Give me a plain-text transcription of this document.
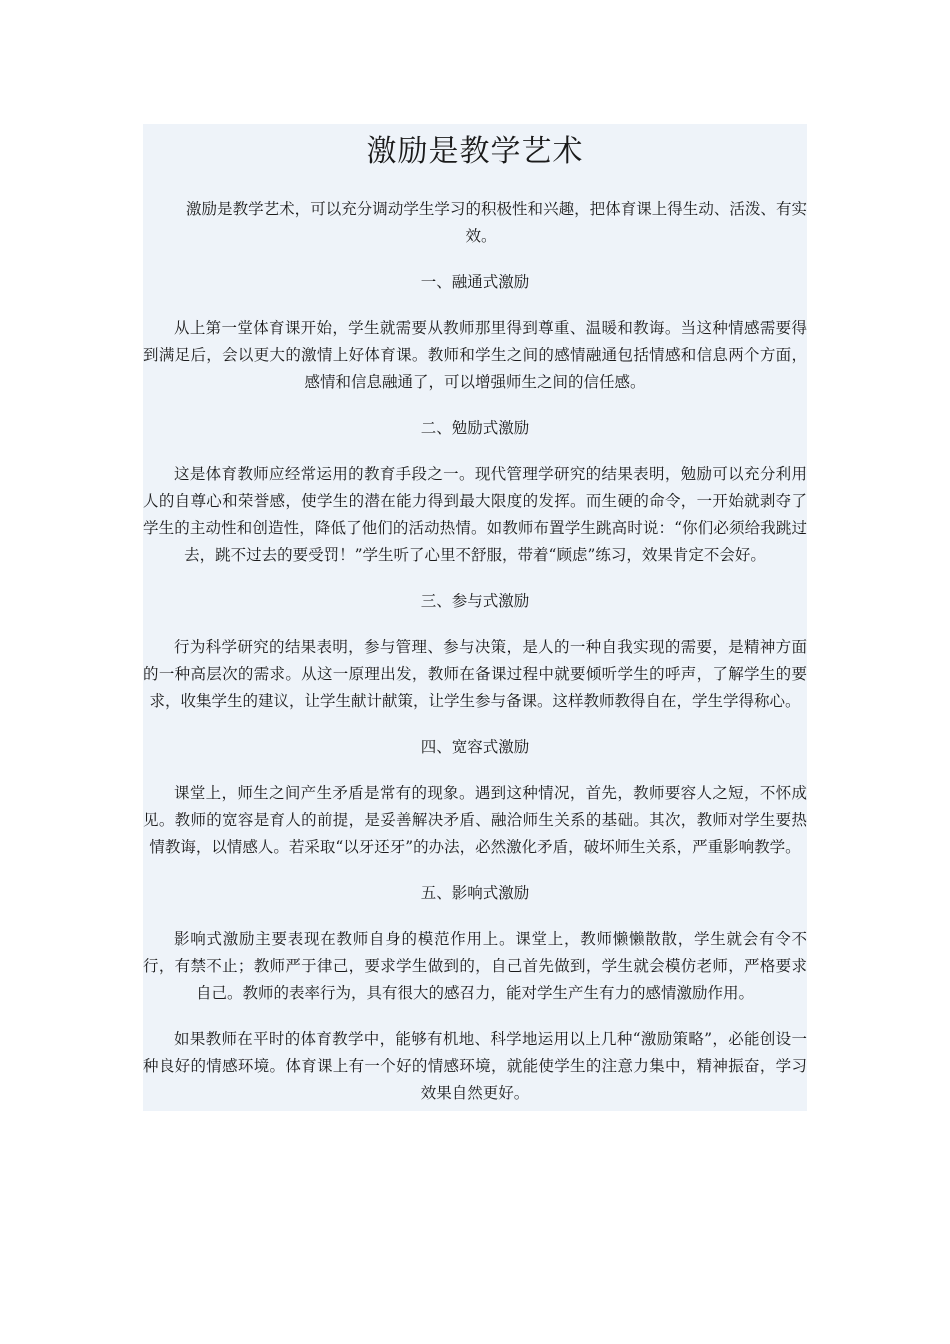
激励是教学艺术

激励是教学艺术，可以充分调动学生学习的积极性和兴趣，把体育课上得生动、活泼、有实效。

一、融通式激励

从上第一堂体育课开始，学生就需要从教师那里得到尊重、温暖和教诲。当这种情感需要得到满足后，会以更大的激情上好体育课。教师和学生之间的感情融通包括情感和信息两个方面，感情和信息融通了，可以增强师生之间的信任感。

二、勉励式激励

这是体育教师应经常运用的教育手段之一。现代管理学研究的结果表明，勉励可以充分利用人的自尊心和荣誉感，使学生的潜在能力得到最大限度的发挥。而生硬的命令，一开始就剥夺了学生的主动性和创造性，降低了他们的活动热情。如教师布置学生跳高时说：“你们必须给我跳过去，跳不过去的要受罚！”学生听了心里不舒服，带着“顾虑”练习，效果肯定不会好。

三、参与式激励

行为科学研究的结果表明，参与管理、参与决策，是人的一种自我实现的需要，是精神方面的一种高层次的需求。从这一原理出发，教师在备课过程中就要倾听学生的呼声，了解学生的要求，收集学生的建议，让学生献计献策，让学生参与备课。这样教师教得自在，学生学得称心。

四、宽容式激励

课堂上，师生之间产生矛盾是常有的现象。遇到这种情况，首先，教师要容人之短，不怀成见。教师的宽容是育人的前提，是妥善解决矛盾、融洽师生关系的基础。其次，教师对学生要热情教诲，以情感人。若采取“以牙还牙”的办法，必然激化矛盾，破坏师生关系，严重影响教学。

五、影响式激励

影响式激励主要表现在教师自身的模范作用上。课堂上，教师懒懒散散，学生就会有令不行，有禁不止；教师严于律己，要求学生做到的，自己首先做到，学生就会模仿老师，严格要求自己。教师的表率行为，具有很大的感召力，能对学生产生有力的感情激励作用。

如果教师在平时的体育教学中，能够有机地、科学地运用以上几种“激励策略”，必能创设一种良好的情感环境。体育课上有一个好的情感环境，就能使学生的注意力集中，精神振奋，学习效果自然更好。
